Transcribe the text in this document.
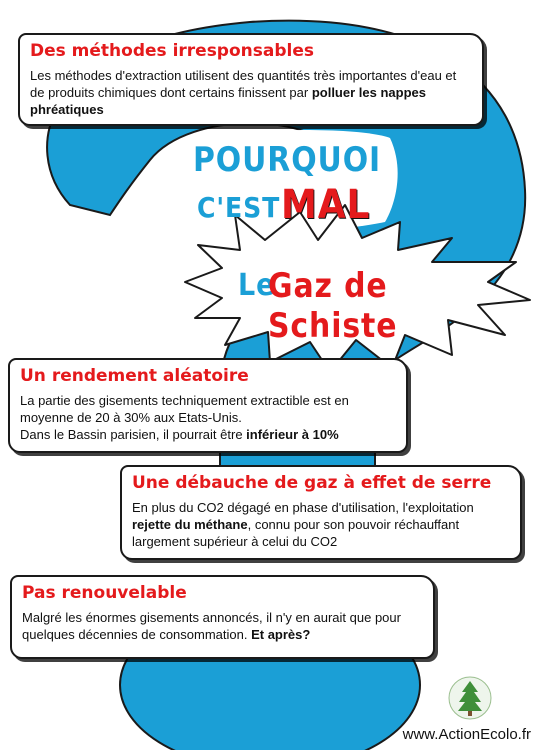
POURQUOI
C'EST MAL
Le
Gaz de Schiste
Des méthodes irresponsables

Les méthodes d'extraction utilisent des quantités très importantes d'eau et de produits chimiques dont certains finissent par polluer les nappes phréatiques

Un rendement aléatoire

La partie des gisements techniquement extractible est en moyenne de 20 à 30% aux Etats-Unis.
Dans le Bassin parisien, il pourrait être inférieur à 10%

Une débauche de gaz à effet de serre

En plus du CO2 dégagé en phase d'utilisation, l'exploitation rejette du méthane, connu pour son pouvoir réchauffant largement supérieur à celui du CO2

Pas renouvelable

Malgré les énormes gisements annoncés, il n'y en aurait que pour quelques décennies de consommation. Et après?

www.ActionEcolo.fr
